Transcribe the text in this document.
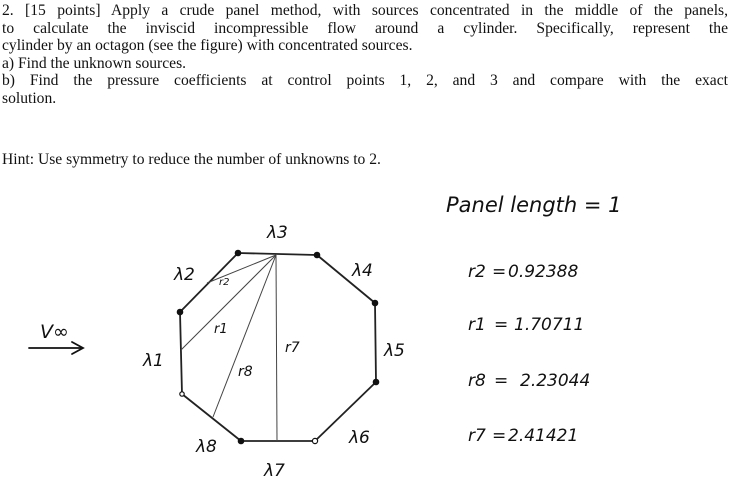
2. [15 points] Apply a crude panel method, with sources concentrated in the middle of the panels,

to calculate the inviscid incompressible flow around a cylinder. Specifically, represent the

cylinder by an octagon (see the figure) with concentrated sources.

a) Find the unknown sources.

b) Find the pressure coefficients at control points 1, 2, and 3 and compare with the exact

solution.

Hint: Use symmetry to reduce the number of unknowns to 2.
V∞
λ1
λ2
λ3
λ4
λ5
λ6
λ7
λ8
r2
r1
r8
r7
Panel length = 1
r2 = 0.92388
r1 = 1.70711
r8 = 2.23044
r7 = 2.41421
